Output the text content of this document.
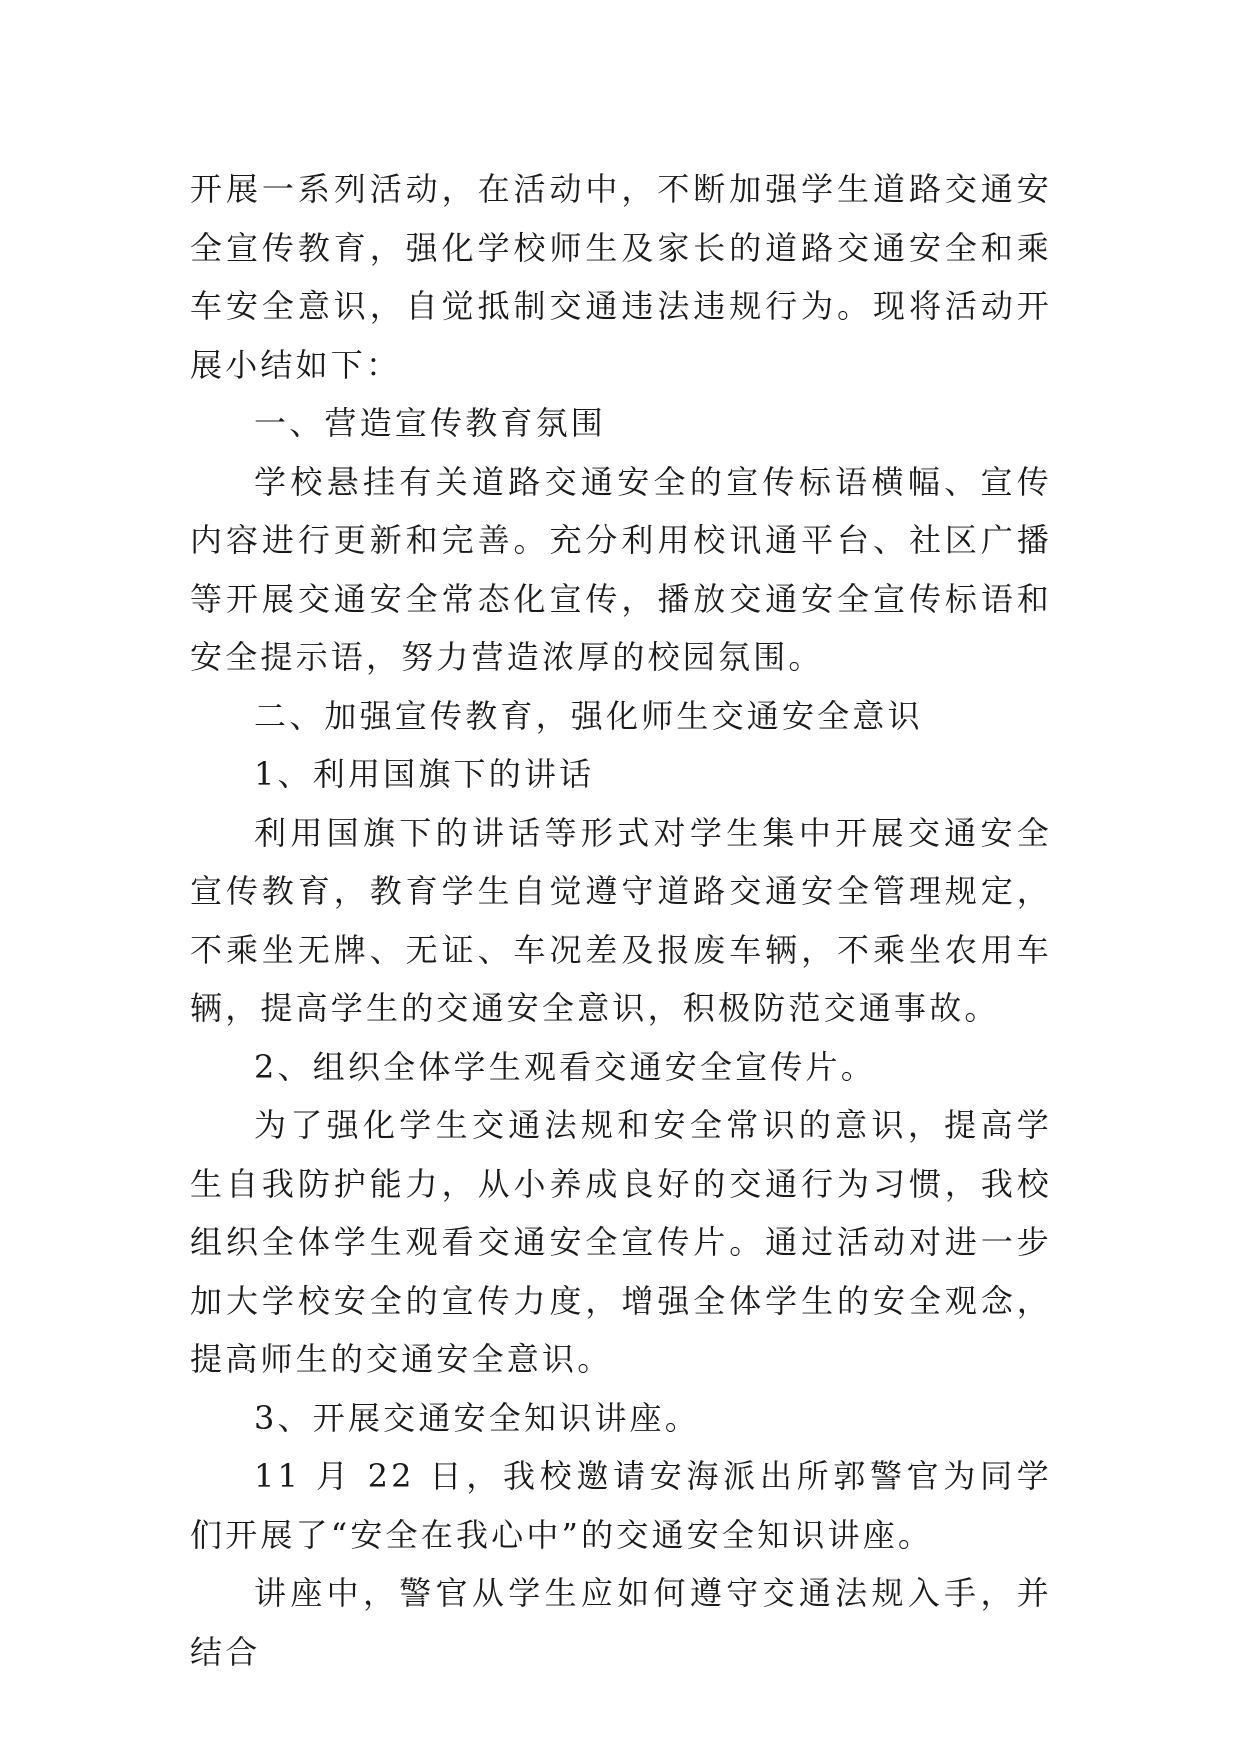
开展一系列活动，在活动中，不断加强学生道路交通安全宣传教育，强化学校师生及家长的道路交通安全和乘车安全意识，自觉抵制交通违法违规行为。现将活动开展小结如下：

一、营造宣传教育氛围

学校悬挂有关道路交通安全的宣传标语横幅、宣传内容进行更新和完善。充分利用校讯通平台、社区广播等开展交通安全常态化宣传，播放交通安全宣传标语和安全提示语，努力营造浓厚的校园氛围。

二、加强宣传教育，强化师生交通安全意识

1、利用国旗下的讲话

利用国旗下的讲话等形式对学生集中开展交通安全宣传教育，教育学生自觉遵守道路交通安全管理规定，不乘坐无牌、无证、车况差及报废车辆，不乘坐农用车辆，提高学生的交通安全意识，积极防范交通事故。

2、组织全体学生观看交通安全宣传片。

为了强化学生交通法规和安全常识的意识，提高学生自我防护能力，从小养成良好的交通行为习惯，我校组织全体学生观看交通安全宣传片。通过活动对进一步加大学校安全的宣传力度，增强全体学生的安全观念，提高师生的交通安全意识。

3、开展交通安全知识讲座。

11 月 22 日，我校邀请安海派出所郭警官为同学们开展了“安全在我心中”的交通安全知识讲座。

讲座中，警官从学生应如何遵守交通法规入手，并结合
